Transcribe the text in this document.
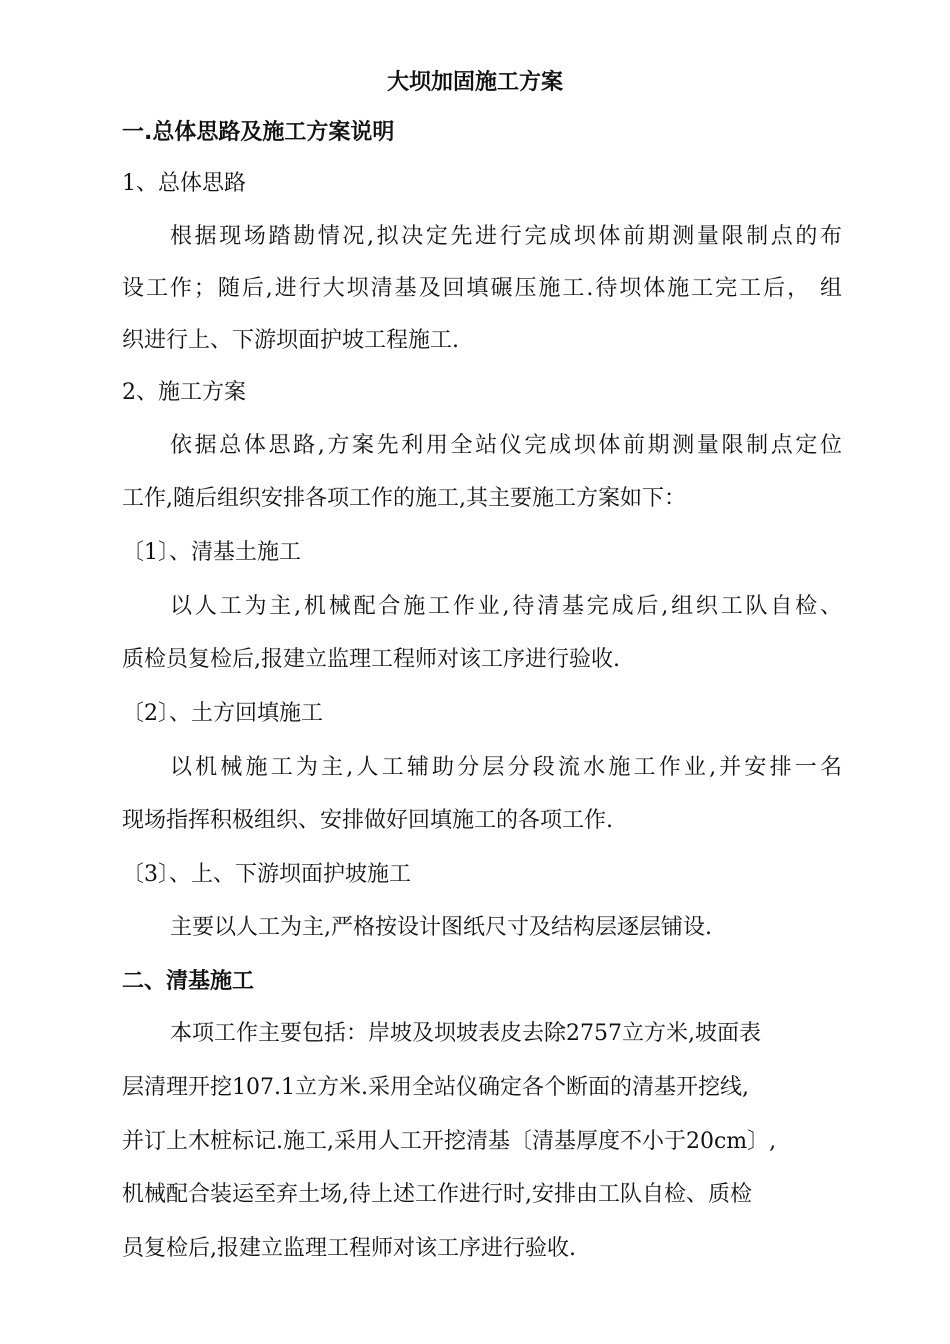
大坝加固施工方案
一.总体思路及施工方案说明
1、总体思路
根据现场踏勘情况,拟决定先进行完成坝体前期测量限制点的布
设工作；随后,进行大坝清基及回填碾压施工.待坝体施工完工后， 组
织进行上、下游坝面护坡工程施工.
2、施工方案
依据总体思路,方案先利用全站仪完成坝体前期测量限制点定位
工作,随后组织安排各项工作的施工,其主要施工方案如下：
〔1〕、清基土施工
以人工为主,机械配合施工作业,待清基完成后,组织工队自检、
质检员复检后,报建立监理工程师对该工序进行验收.
〔2〕、土方回填施工
以机械施工为主,人工辅助分层分段流水施工作业,并安排一名
现场指挥积极组织、安排做好回填施工的各项工作.
〔3〕、上、下游坝面护坡施工
主要以人工为主,严格按设计图纸尺寸及结构层逐层铺设.
二、清基施工
本项工作主要包括：岸坡及坝坡表皮去除2757立方米,坡面表
层清理开挖107.1立方米.采用全站仪确定各个断面的清基开挖线,
并订上木桩标记.施工,采用人工开挖清基〔清基厚度不小于20cm〕,
机械配合装运至弃土场,待上述工作进行时,安排由工队自检、质检
员复检后,报建立监理工程师对该工序进行验收.
